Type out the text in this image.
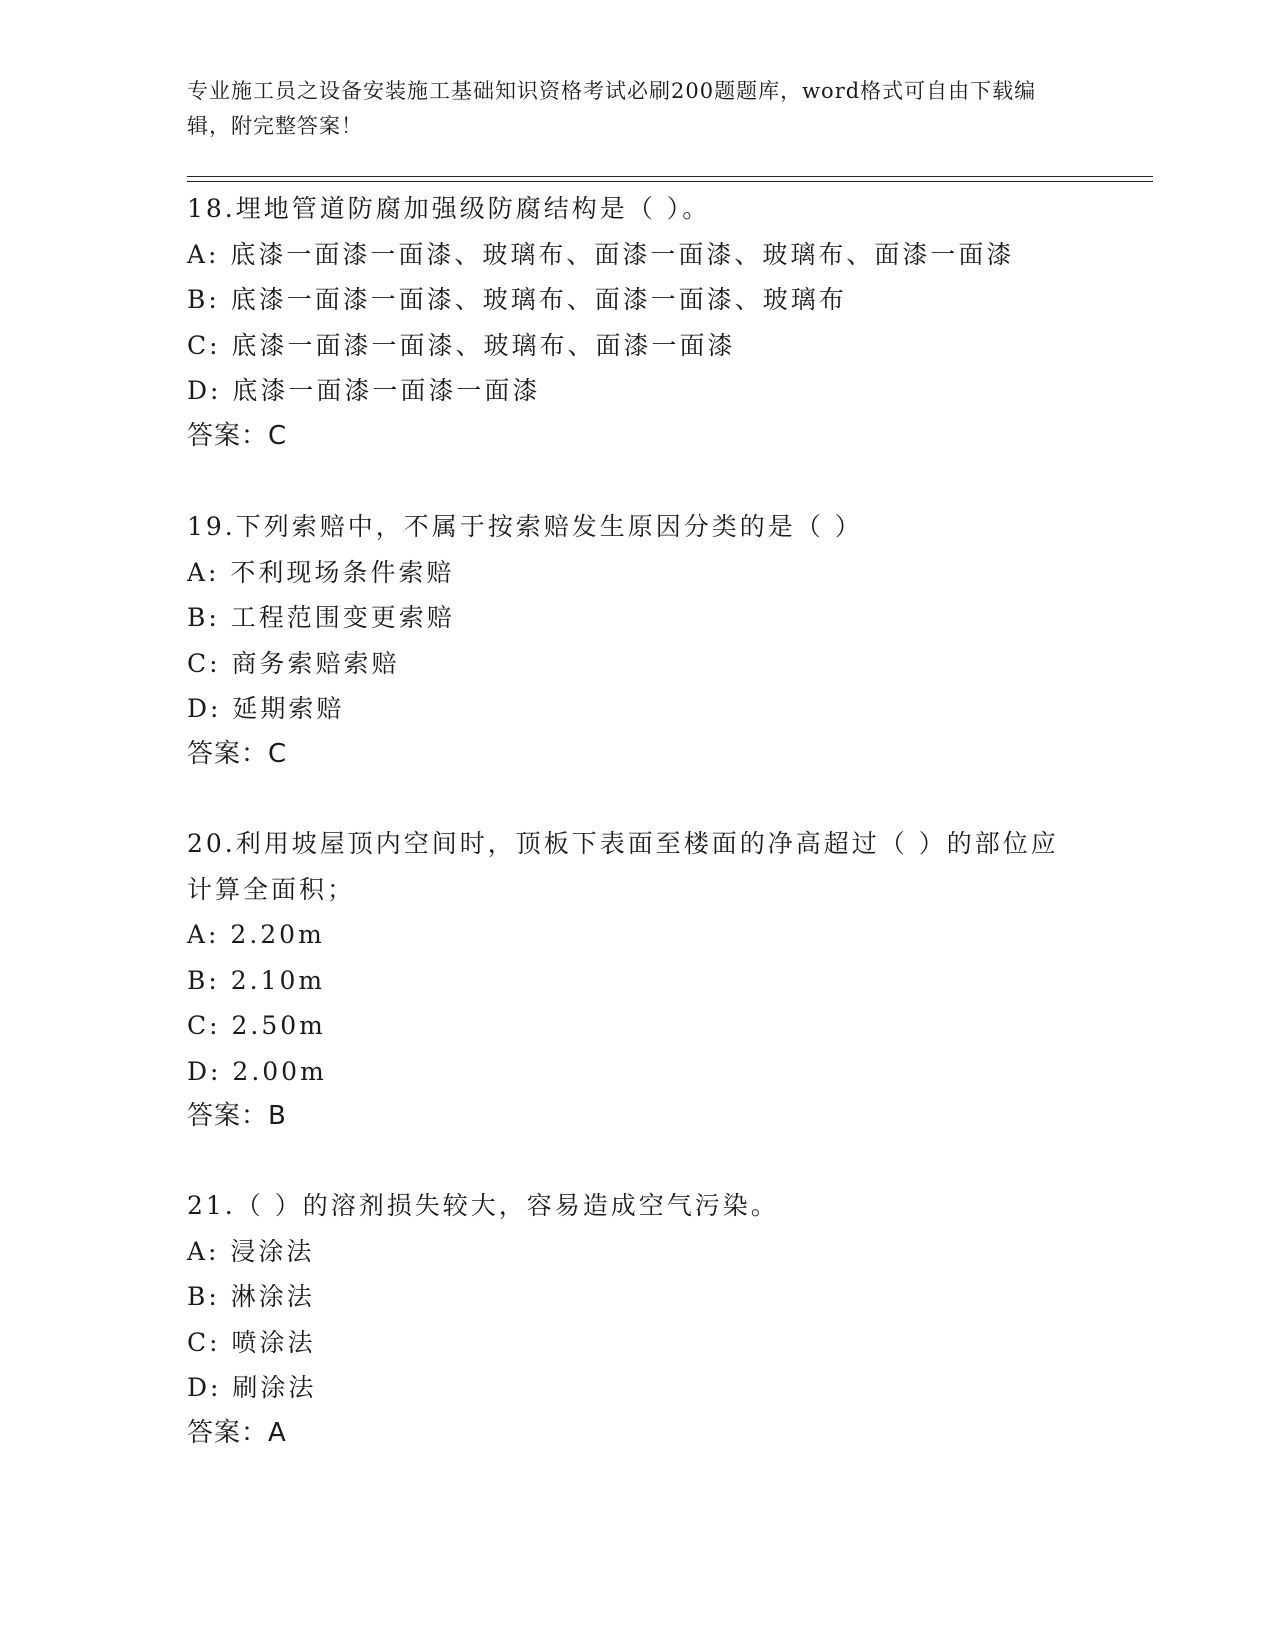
专业施工员之设备安装施工基础知识资格考试必刷200题题库，word格式可自由下载编辑，附完整答案！
18.埋地管道防腐加强级防腐结构是（ ）。
A: 底漆一面漆一面漆、玻璃布、面漆一面漆、玻璃布、面漆一面漆
B: 底漆一面漆一面漆、玻璃布、面漆一面漆、玻璃布
C: 底漆一面漆一面漆、玻璃布、面漆一面漆
D: 底漆一面漆一面漆一面漆
答案：C
19.下列索赔中，不属于按索赔发生原因分类的是（ ）
A: 不利现场条件索赔
B: 工程范围变更索赔
C: 商务索赔索赔
D: 延期索赔
答案：C
20.利用坡屋顶内空间时，顶板下表面至楼面的净高超过（ ）的部位应计算全面积；
A: 2.20m
B: 2.10m
C: 2.50m
D: 2.00m
答案：B
21.（ ）的溶剂损失较大，容易造成空气污染。
A: 浸涂法
B: 淋涂法
C: 喷涂法
D: 刷涂法
答案：A
